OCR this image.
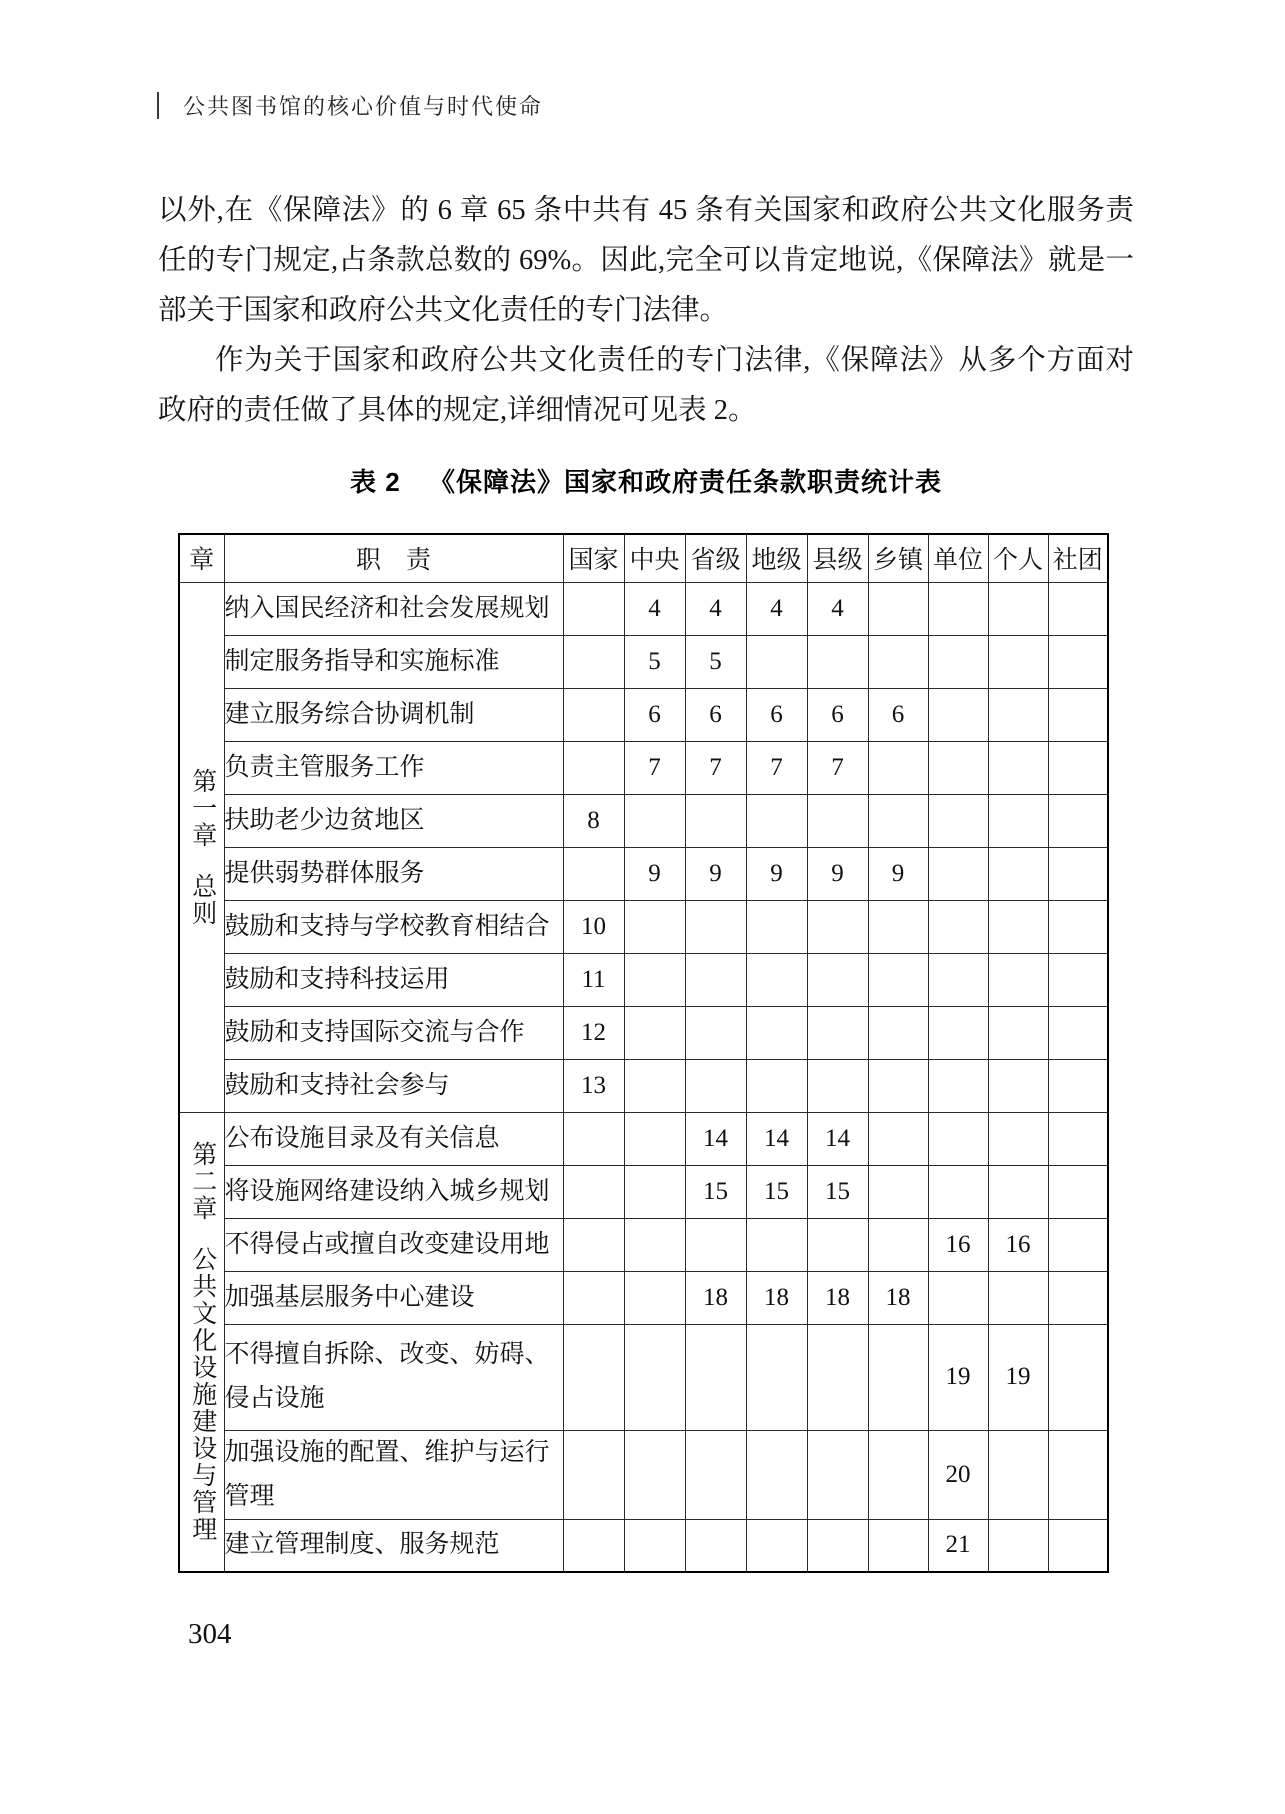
公共图书馆的核心价值与时代使命

以外,在《保障法》的 6 章 65 条中共有 45 条有关国家和政府公共文化服务责任的专门规定,占条款总数的 69%。因此,完全可以肯定地说,《保障法》就是一部关于国家和政府公共文化责任的专门法律。

作为关于国家和政府公共文化责任的专门法律,《保障法》从多个方面对政府的责任做了具体的规定,详细情况可见表 2。

表 2 《保障法》国家和政府责任条款职责统计表
章	职　责	国家	中央	省级	地级	县级	乡镇	单位	个人	社团

第一章
总则	纳入国民经济和社会发展规划		4	4	4	4				
	制定服务指导和实施标准		5	5						
	建立服务综合协调机制		6	6	6	6	6			
	负责主管服务工作		7	7	7	7				
	扶助老少边贫地区	8								
	提供弱势群体服务		9	9	9	9	9			
	鼓励和支持与学校教育相结合	10								
	鼓励和支持科技运用	11								
	鼓励和支持国际交流与合作	12								
	鼓励和支持社会参与	13								

第二章
公共文化设施建设与管理	公布设施目录及有关信息			14	14	14				
	将设施网络建设纳入城乡规划			15	15	15				
	不得侵占或擅自改变建设用地							16	16	
	加强基层服务中心建设			18	18	18	18			
	不得擅自拆除、改变、妨碍、侵占设施							19	19	
	加强设施的配置、维护与运行管理							20		
	建立管理制度、服务规范							21		
304
